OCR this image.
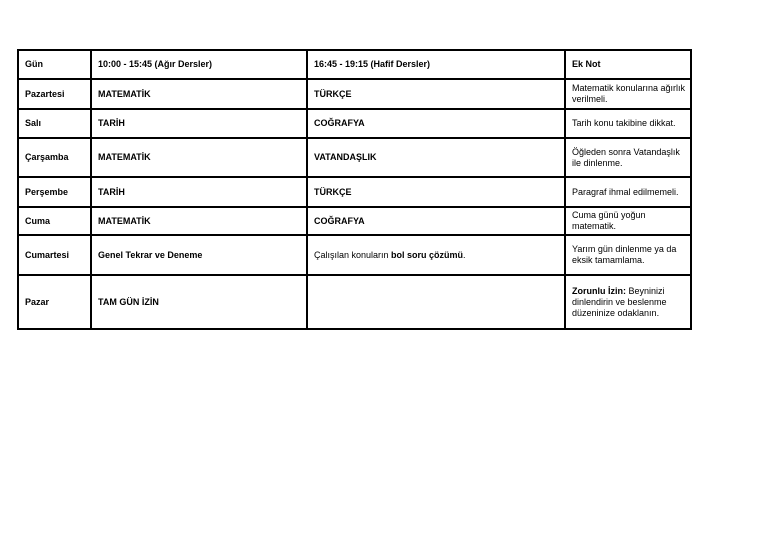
Gün	10:00 - 15:45 (Ağır Dersler)	16:45 - 19:15 (Hafif Dersler)	Ek Not
Pazartesi	MATEMATİK	TÜRKÇE	Matematik konularına ağırlık verilmeli.
Salı	TARİH	COĞRAFYA	Tarih konu takibine dikkat.
Çarşamba	MATEMATİK	VATANDAŞLIK	Öğleden sonra Vatandaşlık ile dinlenme.
Perşembe	TARİH	TÜRKÇE	Paragraf ihmal edilmemeli.
Cuma	MATEMATİK	COĞRAFYA	Cuma günü yoğun matematik.
Cumartesi	Genel Tekrar ve Deneme	Çalışılan konuların bol soru çözümü.	Yarım gün dinlenme ya da eksik tamamlama.
Pazar	TAM GÜN İZİN		Zorunlu İzin: Beyninizi dinlendirin ve beslenme düzeninize odaklanın.
